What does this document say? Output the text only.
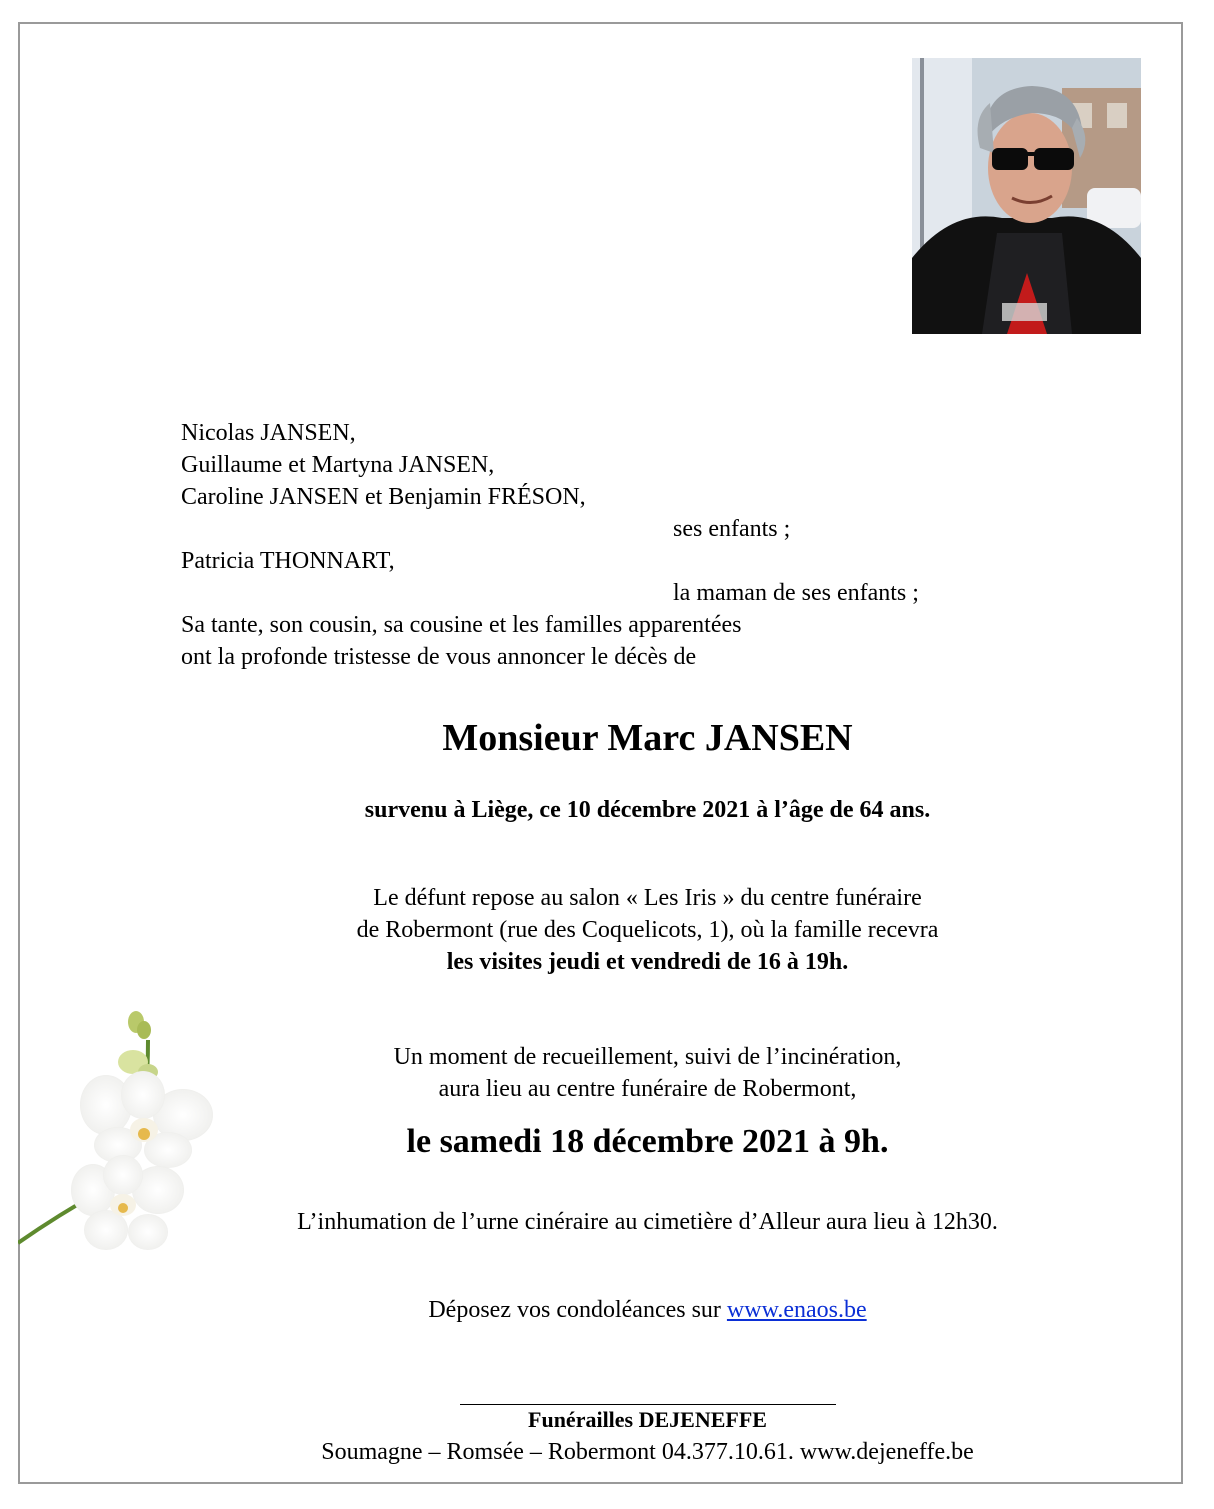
Nicolas JANSEN,
Guillaume et Martyna JANSEN,
Caroline JANSEN et Benjamin FRÉSON,
ses enfants ;
Patricia THONNART,
la maman de ses enfants ;
Sa tante, son cousin, sa cousine et les familles apparentées
ont la profonde tristesse de vous annoncer le décès de
Monsieur Marc JANSEN
survenu à Liège, ce 10 décembre 2021 à l’âge de 64 ans.
Le défunt repose au salon « Les Iris » du centre funéraire
de Robermont (rue des Coquelicots, 1), où la famille recevra
les visites jeudi et vendredi de 16 à 19h.
Un moment de recueillement, suivi de l’incinération,
aura lieu au centre funéraire de Robermont,
le samedi 18 décembre 2021 à 9h.
L’inhumation de l’urne cinéraire au cimetière d’Alleur aura lieu à 12h30.
Déposez vos condoléances sur www.enaos.be
Funérailles DEJENEFFE
Soumagne – Romsée – Robermont 04.377.10.61. www.dejeneffe.be
